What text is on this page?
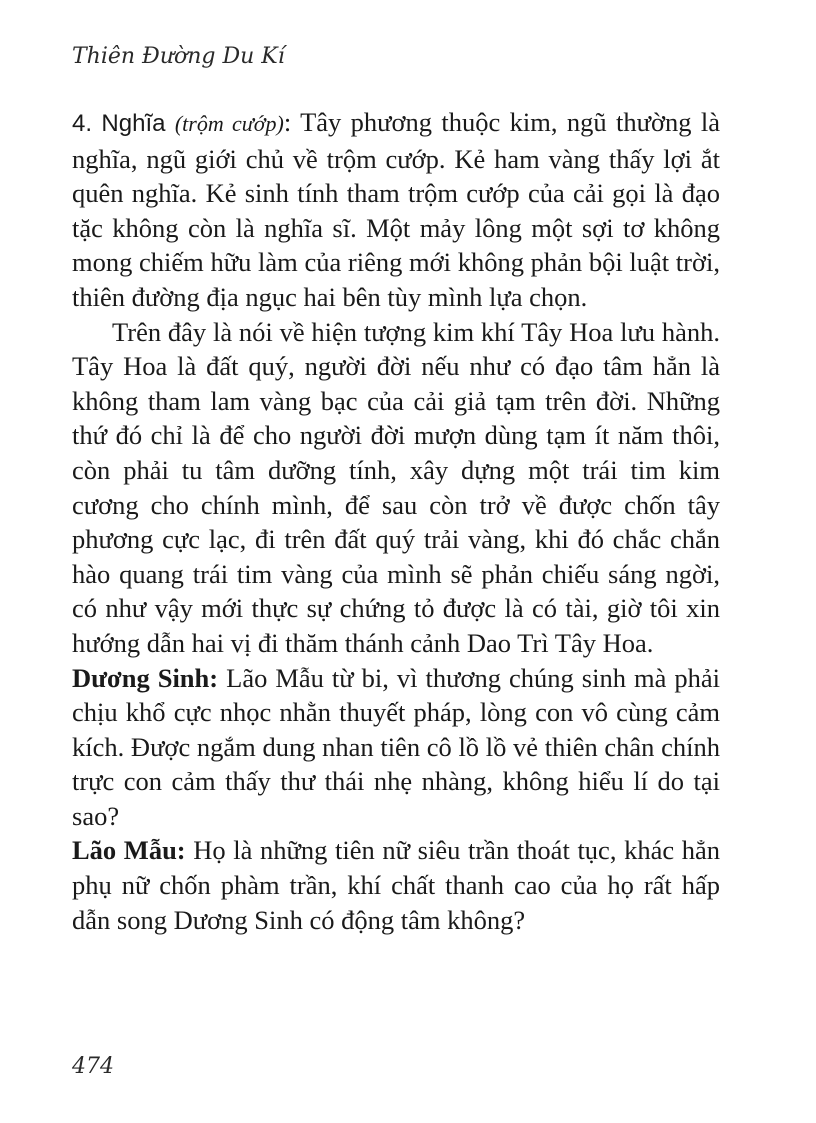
Thiên Đường Du Kí

4. Nghĩa (trộm cướp): Tây phương thuộc kim, ngũ thường là nghĩa, ngũ giới chủ về trộm cướp. Kẻ ham vàng thấy lợi ắt quên nghĩa. Kẻ sinh tính tham trộm cướp của cải gọi là đạo tặc không còn là nghĩa sĩ. Một mảy lông một sợi tơ không mong chiếm hữu làm của riêng mới không phản bội luật trời, thiên đường địa ngục hai bên tùy mình lựa chọn.

Trên đây là nói về hiện tượng kim khí Tây Hoa lưu hành. Tây Hoa là đất quý, người đời nếu như có đạo tâm hẳn là không tham lam vàng bạc của cải giả tạm trên đời. Những thứ đó chỉ là để cho người đời mượn dùng tạm ít năm thôi, còn phải tu tâm dưỡng tính, xây dựng một trái tim kim cương cho chính mình, để sau còn trở về được chốn tây phương cực lạc, đi trên đất quý trải vàng, khi đó chắc chắn hào quang trái tim vàng của mình sẽ phản chiếu sáng ngời, có như vậy mới thực sự chứng tỏ được là có tài, giờ tôi xin hướng dẫn hai vị đi thăm thánh cảnh Dao Trì Tây Hoa.

Dương Sinh: Lão Mẫu từ bi, vì thương chúng sinh mà phải chịu khổ cực nhọc nhằn thuyết pháp, lòng con vô cùng cảm kích. Được ngắm dung nhan tiên cô lồ lồ vẻ thiên chân chính trực con cảm thấy thư thái nhẹ nhàng, không hiểu lí do tại sao?

Lão Mẫu: Họ là những tiên nữ siêu trần thoát tục, khác hẳn phụ nữ chốn phàm trần, khí chất thanh cao của họ rất hấp dẫn song Dương Sinh có động tâm không?

474
